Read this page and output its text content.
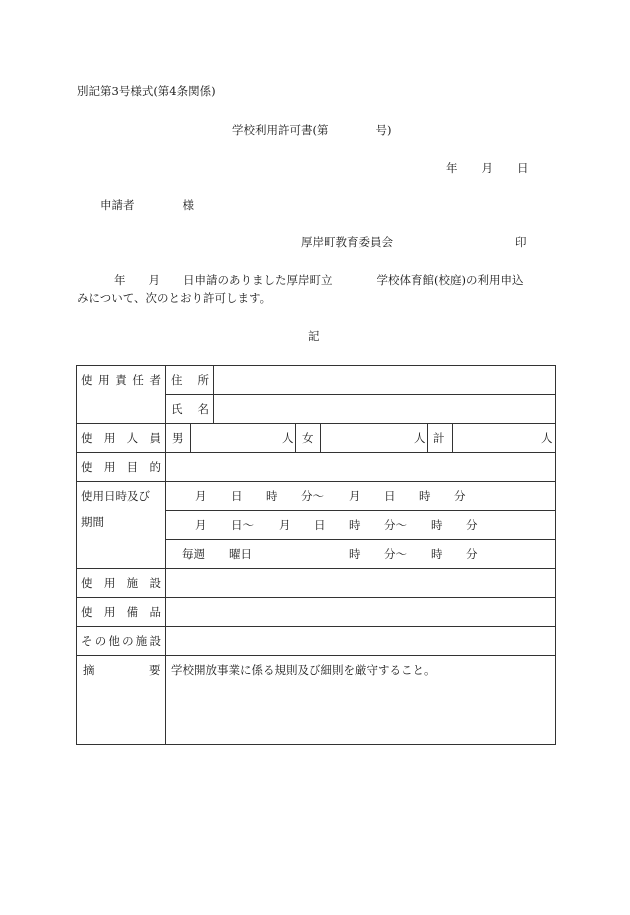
別記第3号様式(第4条関係)
学校利用許可書(第	号)
年 月 日
申請者	様
厚岸町教育委員会	印
年 月 日申請のありました厚岸町立	学校体育館(校庭)の利用申込
みについて、次のとおり許可します。
記
使用責任者 住所
氏名
使用人員 男	人 女	人 計	人
使用目的
使用日時及び
期間
月 日 時 分〜 月 日 時 分
月 日〜 月 日 時 分〜 時 分
毎週 曜日	時 分〜 時 分
使用施設
使用備品
その他の施設
摘	要 学校開放事業に係る規則及び細則を厳守すること。
